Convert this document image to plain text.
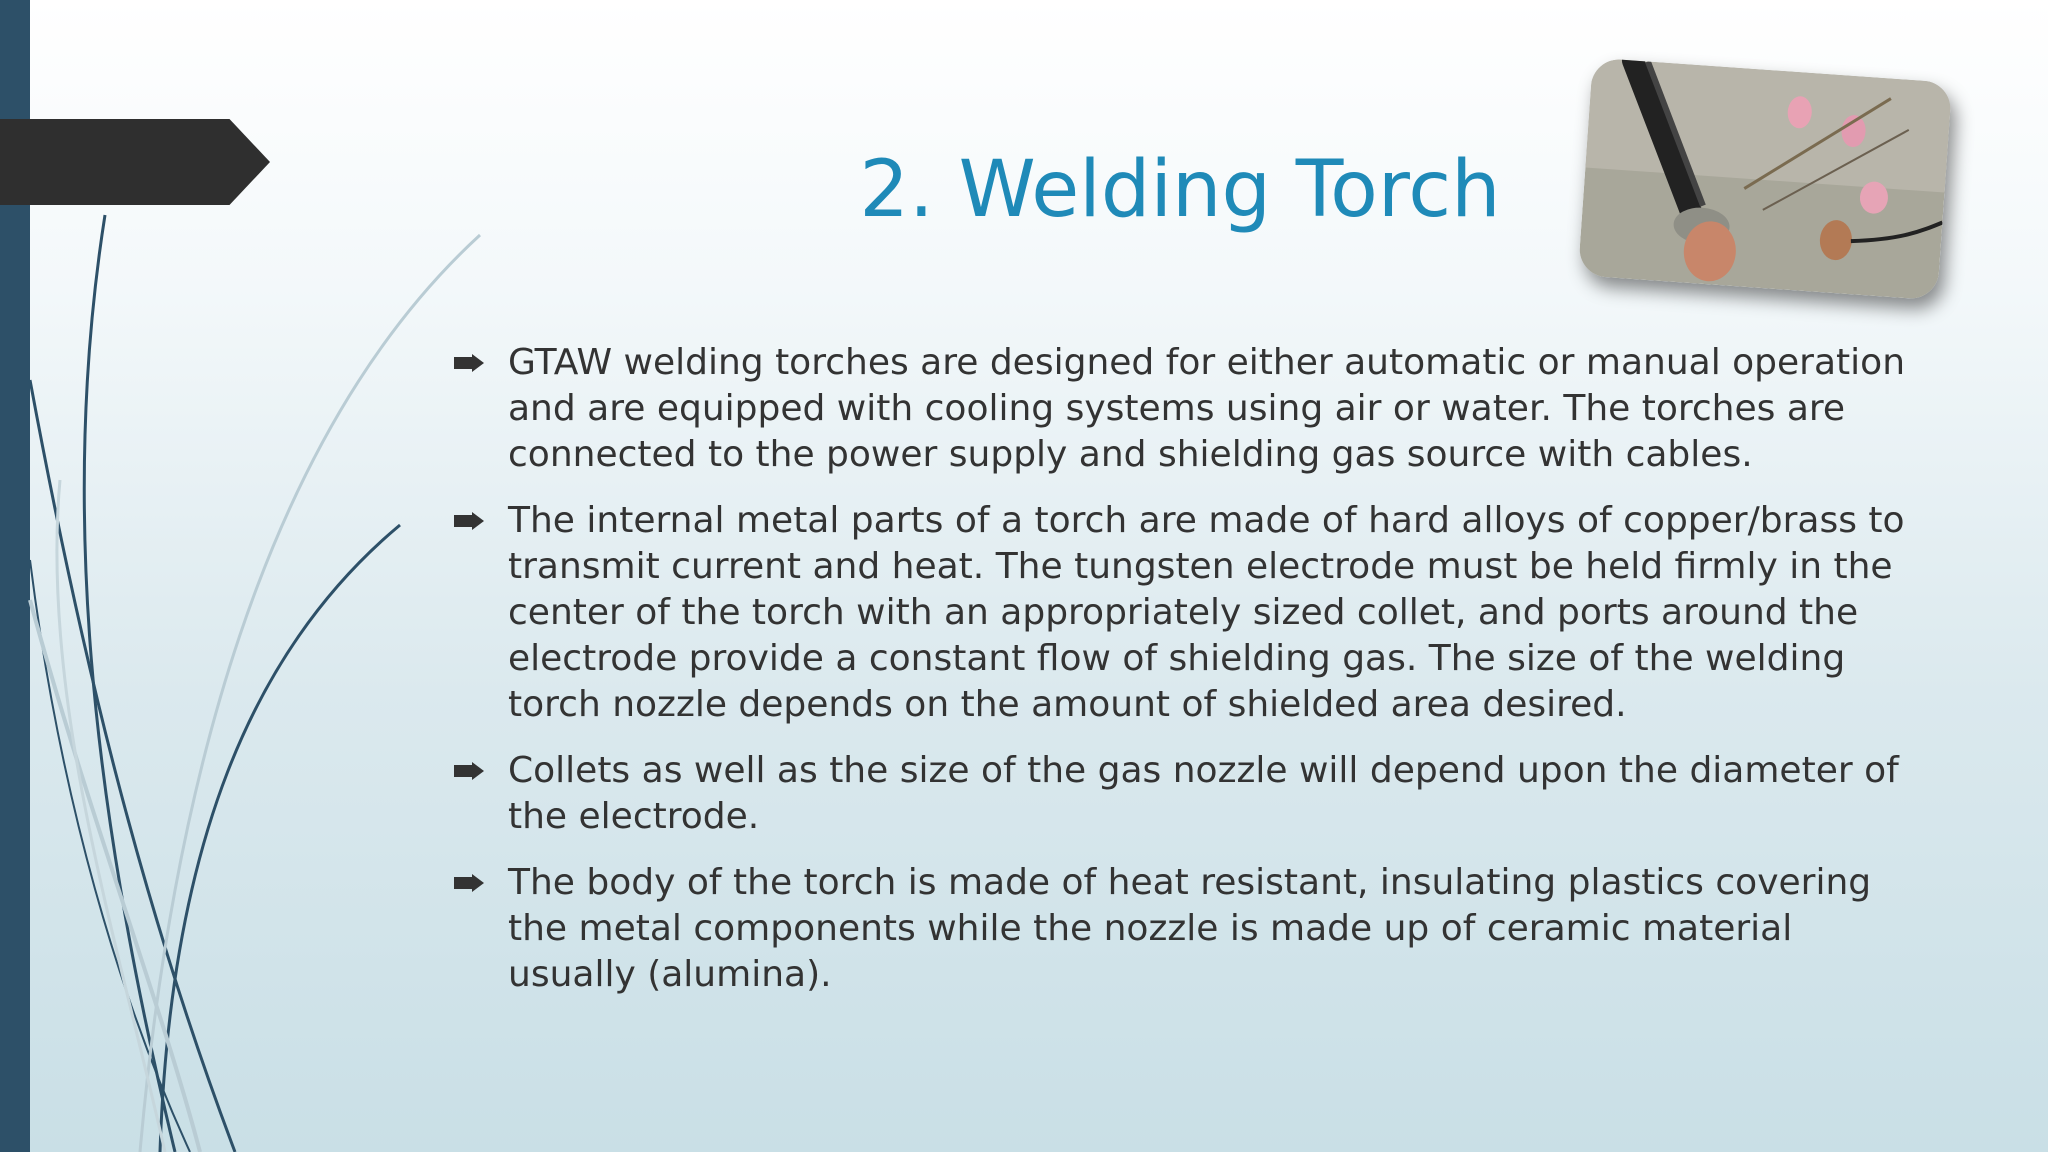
2. Welding Torch
GTAW welding torches are designed for either automatic or manual operation and are equipped with cooling systems using air or water. The torches are connected to the power supply and shielding gas source with cables.
The internal metal parts of a torch are made of hard alloys of copper/brass to transmit current and heat. The tungsten electrode must be held firmly in the center of the torch with an appropriately sized collet, and ports around the electrode provide a constant flow of shielding gas. The size of the welding torch nozzle depends on the amount of shielded area desired.
Collets as well as the size of the gas nozzle will depend upon the diameter of the electrode.
The body of the torch is made of heat resistant, insulating plastics covering the metal components while the nozzle is made up of ceramic material usually (alumina).
